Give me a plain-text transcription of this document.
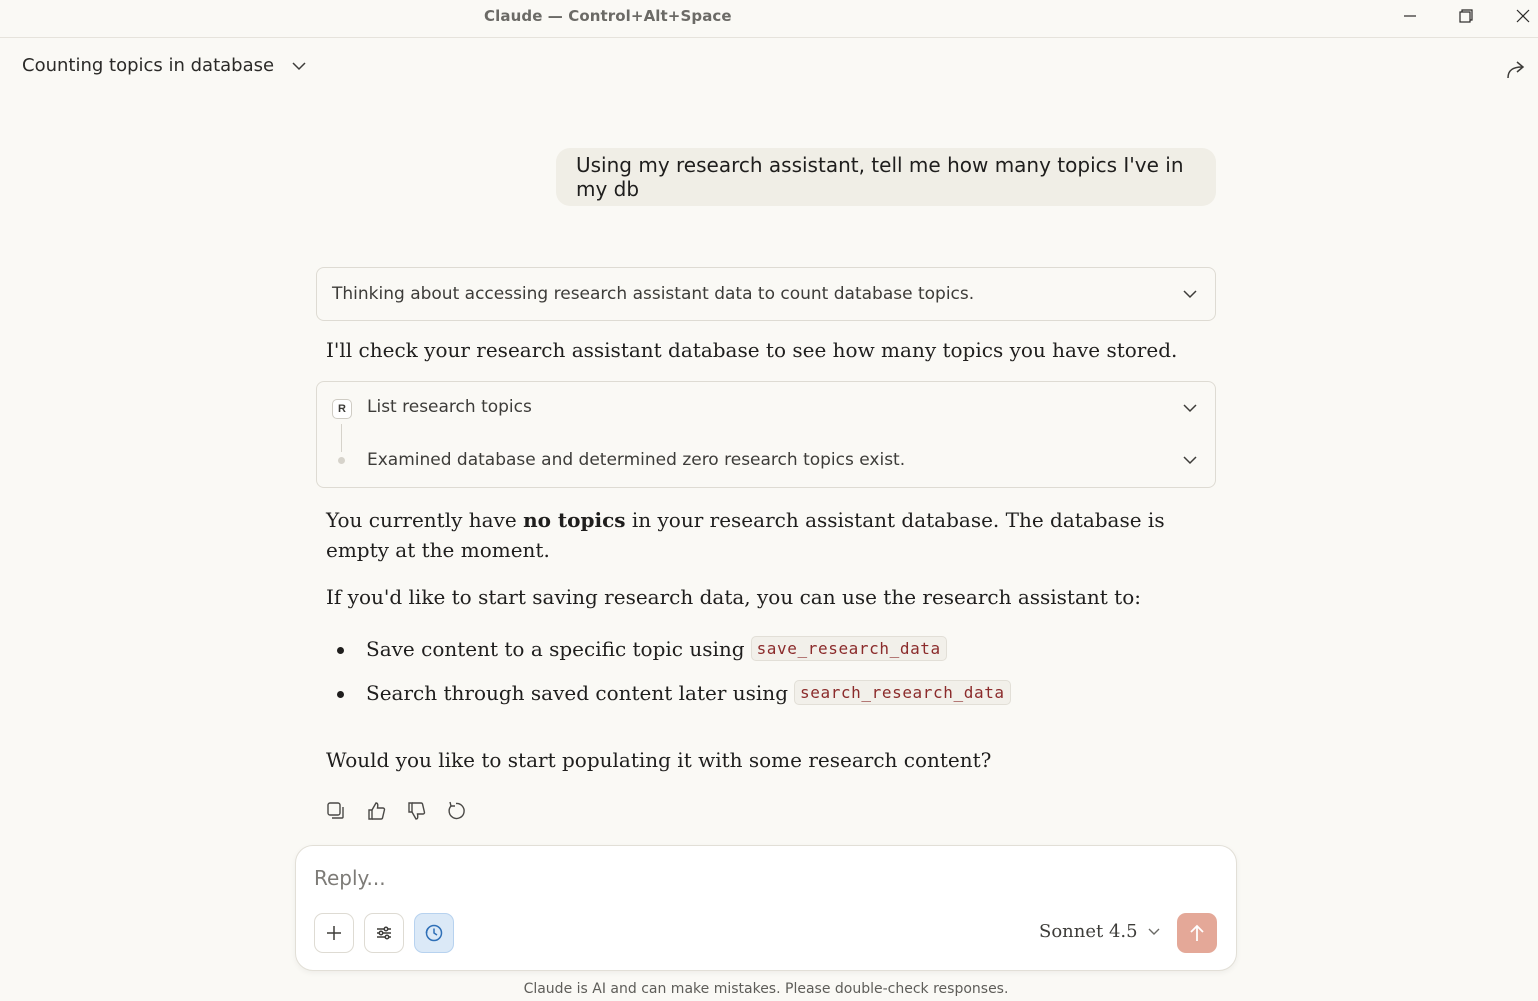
Claude — Control+Alt+Space
Counting topics in database
Using my research assistant, tell me how many topics I've in my db
Thinking about accessing research assistant data to count database topics.
I'll check your research assistant database to see how many topics you have stored.
R	List research topics
Examined database and determined zero research topics exist.
You currently have no topics in your research assistant database. The database is empty at the moment.
If you'd like to start saving research data, you can use the research assistant to:
Save content to a specific topic using save_research_data
Search through saved content later using search_research_data
Would you like to start populating it with some research content?
Reply...
Sonnet 4.5
Claude is AI and can make mistakes. Please double-check responses.
